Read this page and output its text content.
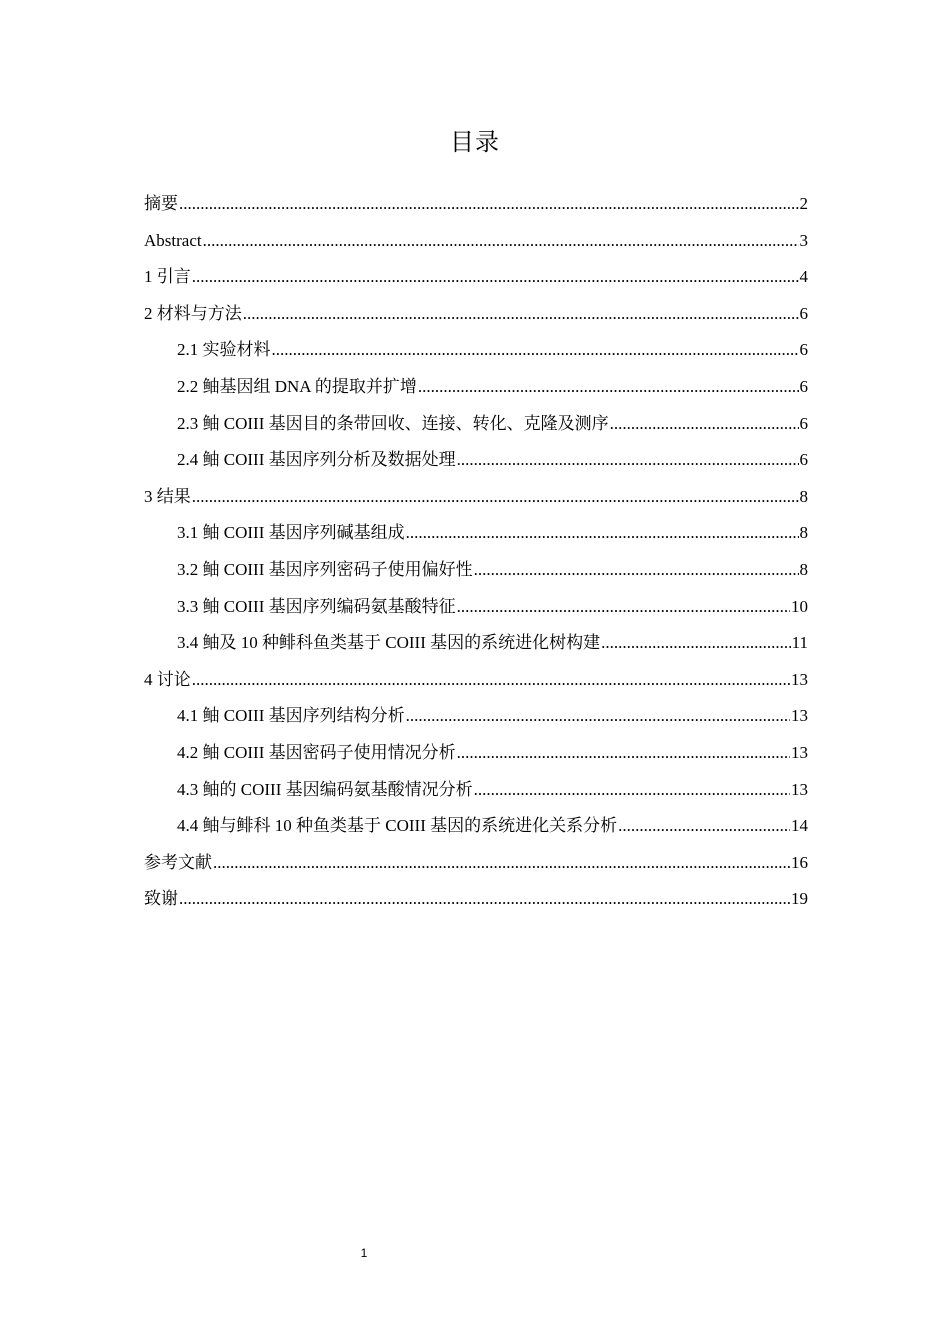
目录
摘要 .....	2
Abstract .....	3
1 引言 .....	4
2 材料与方法 .....	6
2.1 实验材料 .....	6
2.2 鲉基因组 DNA 的提取并扩增 .....	6
2.3 鲉 COIII 基因目的条带回收、连接、转化、克隆及测序 .....	6
2.4 鲉 COIII 基因序列分析及数据处理 .....	6
3 结果 .....	8
3.1 鲉 COIII 基因序列碱基组成 .....	8
3.2 鲉 COIII 基因序列密码子使用偏好性 .....	8
3.3 鲉 COIII 基因序列编码氨基酸特征 .....	10
3.4 鲉及 10 种鲱科鱼类基于 COIII 基因的系统进化树构建 .....	11
4 讨论 .....	13
4.1 鲉 COIII 基因序列结构分析 .....	13
4.2 鲉 COIII 基因密码子使用情况分析 .....	13
4.3 鲉的 COIII 基因编码氨基酸情况分析 .....	13
4.4 鲉与鲱科 10 种鱼类基于 COIII 基因的系统进化关系分析 .....	14
参考文献 .....	16
致谢 .....	19
1
